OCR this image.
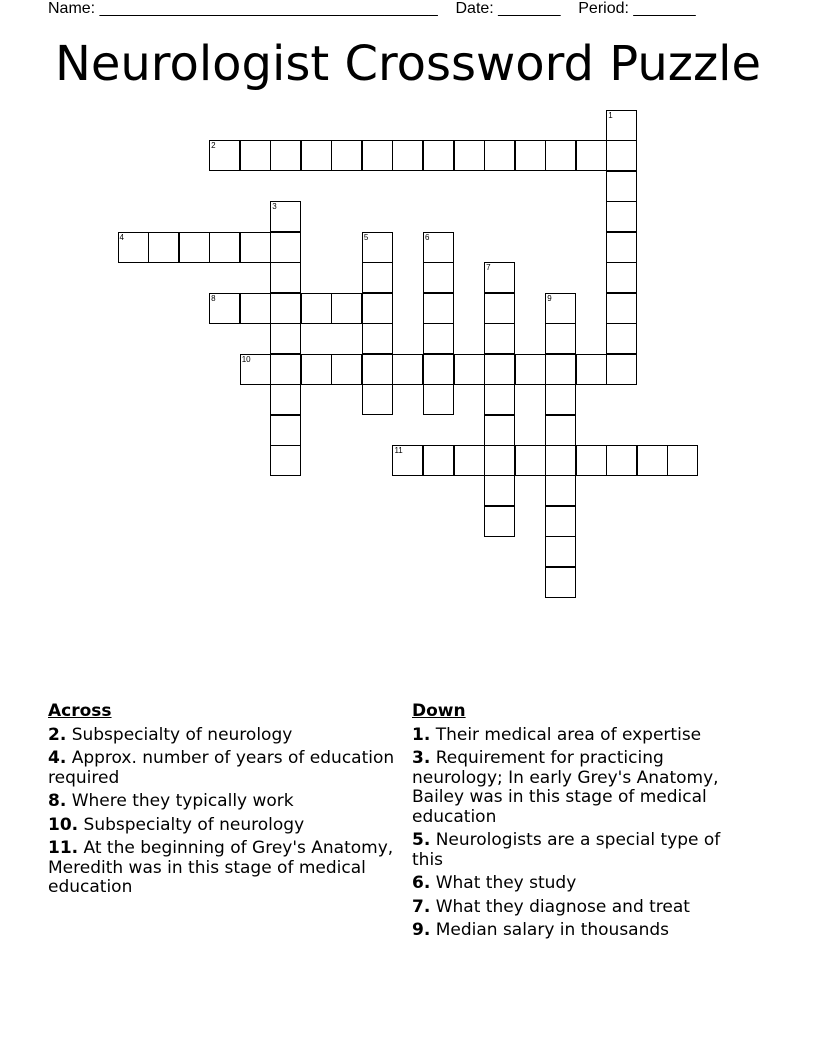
Name: ______________________________________    Date: _______    Period: _______
Neurologist Crossword Puzzle
2
4
8
10
11
1
3
5	6
7
9
Across
2. Subspecialty of neurology
4. Approx. number of years of education required
8. Where they typically work
10. Subspecialty of neurology
11. At the beginning of Grey's Anatomy, Meredith was in this stage of medical education
Down
1. Their medical area of expertise
3. Requirement for practicing neurology; In early Grey's Anatomy, Bailey was in this stage of medical education
5. Neurologists are a special type of this
6. What they study
7. What they diagnose and treat
9. Median salary in thousands
